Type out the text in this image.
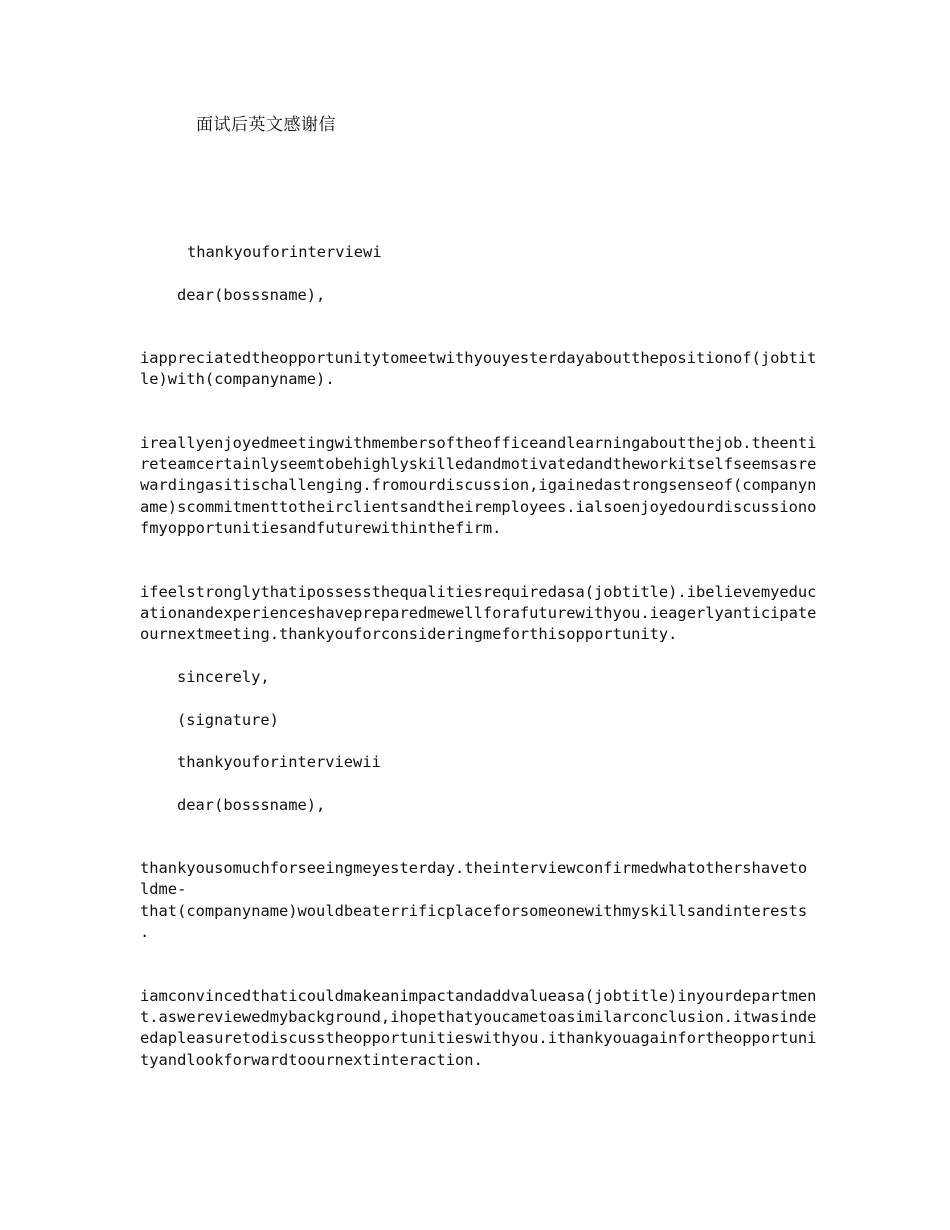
面试后英文感谢信
thankyouforinterviewi
dear(bosssname),

iappreciatedtheopportunitytomeetwithyouyesterdayaboutthepositionof(jobtitle)with(companyname).

ireallyenjoyedmeetingwithmembersoftheofficeandlearningaboutthejob.theentireteamcertainlyseemtobehighlyskilledandmotivatedandtheworkitselfseemsasrewardingasitischallenging.fromourdiscussion,igainedastrongsenseof(companyname)scommitmenttotheirclientsandtheiremployees.ialsoenjoyedourdiscussionofmyopportunitiesandfuturewithinthefirm.

ifeelstronglythatipossessthequalitiesrequiredasa(jobtitle).ibelievemyeducationandexperienceshavepreparedmewellforafuturewithyou.ieagerlyanticipateournextmeeting.thankyouforconsideringmeforthisopportunity.

sincerely,
(signature)
thankyouforinterviewii
dear(bosssname),
thankyousomuchforseeingmeyesterday.theinterviewconfirmedwhatothershaveto
ldme-
that(companyname)wouldbeaterrificplaceforsomeonewithmyskillsandinterests
.

iamconvincedthaticouldmakeanimpactandaddvalueasa(jobtitle)inyourdepartment.aswereviewedmybackground,ihopethatyoucametoasimilarconclusion.itwasindeedapleasuretodiscusstheopportunitieswithyou.ithankyouagainfortheopportunityandlookforwardtoournextinteraction.
